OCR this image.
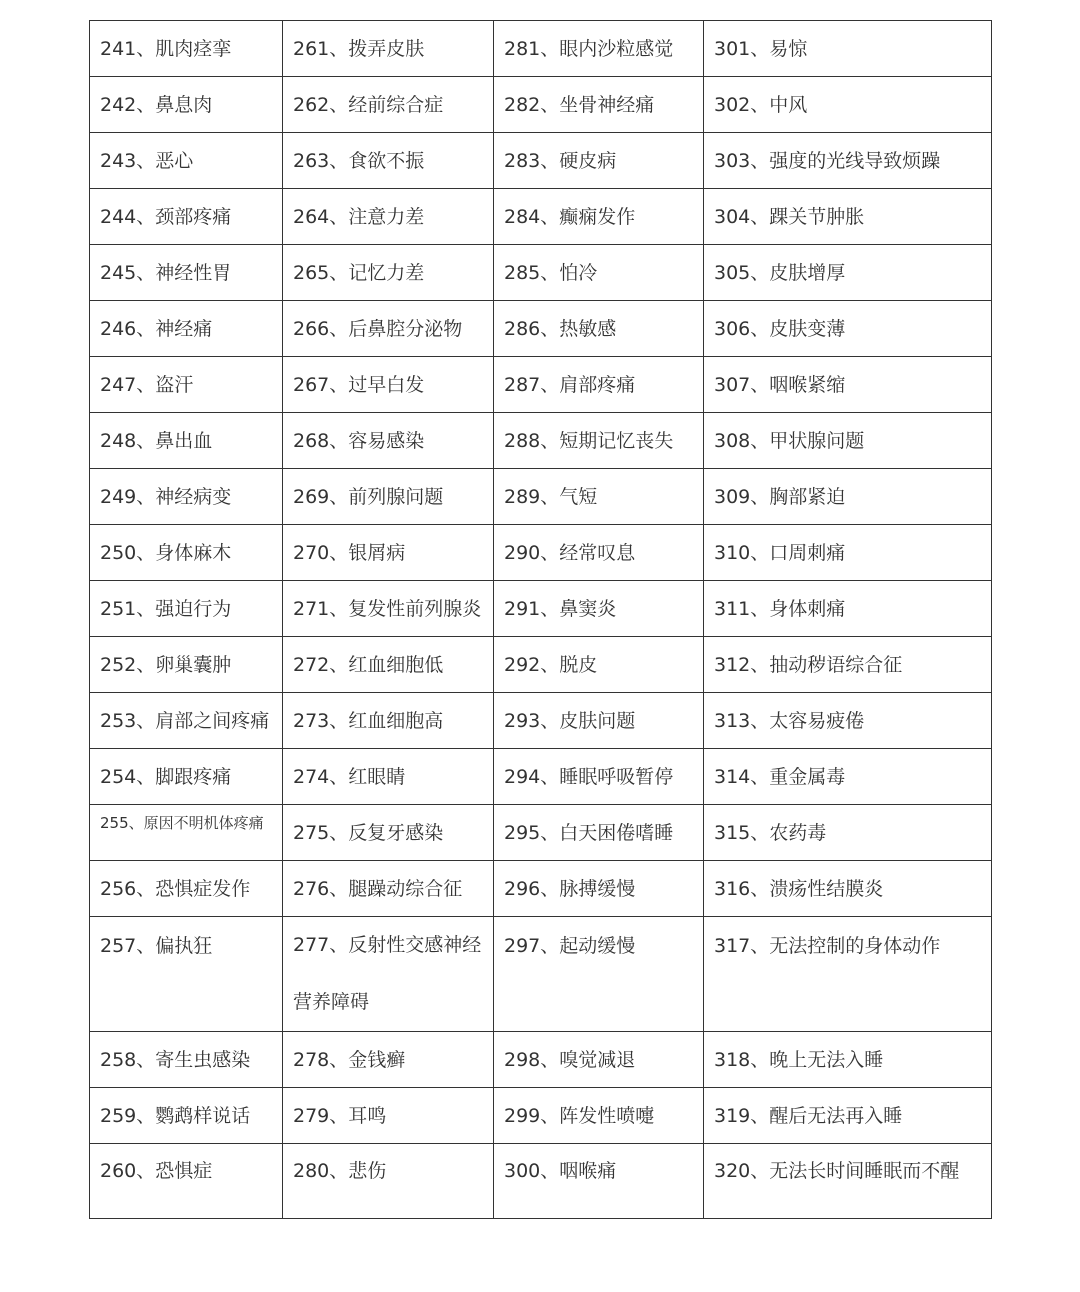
241、肌肉痉挛	261、拨弄皮肤	281、眼内沙粒感觉	301、易惊
242、鼻息肉	262、经前综合症	282、坐骨神经痛	302、中风
243、恶心	263、食欲不振	283、硬皮病	303、强度的光线导致烦躁
244、颈部疼痛	264、注意力差	284、癫痫发作	304、踝关节肿胀
245、神经性胃	265、记忆力差	285、怕冷	305、皮肤增厚
246、神经痛	266、后鼻腔分泌物	286、热敏感	306、皮肤变薄
247、盗汗	267、过早白发	287、肩部疼痛	307、咽喉紧缩
248、鼻出血	268、容易感染	288、短期记忆丧失	308、甲状腺问题
249、神经病变	269、前列腺问题	289、气短	309、胸部紧迫
250、身体麻木	270、银屑病	290、经常叹息	310、口周刺痛
251、强迫行为	271、复发性前列腺炎	291、鼻窦炎	311、身体刺痛
252、卵巢囊肿	272、红血细胞低	292、脱皮	312、抽动秽语综合征
253、肩部之间疼痛	273、红血细胞高	293、皮肤问题	313、太容易疲倦
254、脚跟疼痛	274、红眼睛	294、睡眠呼吸暂停	314、重金属毒
255、原因不明机体疼痛	275、反复牙感染	295、白天困倦嗜睡	315、农药毒
256、恐惧症发作	276、腿躁动综合征	296、脉搏缓慢	316、溃疡性结膜炎
257、偏执狂	277、反射性交感神经营养障碍	297、起动缓慢	317、无法控制的身体动作
258、寄生虫感染	278、金钱癣	298、嗅觉减退	318、晚上无法入睡
259、鹦鹉样说话	279、耳鸣	299、阵发性喷嚏	319、醒后无法再入睡
260、恐惧症	280、悲伤	300、咽喉痛	320、无法长时间睡眠而不醒
